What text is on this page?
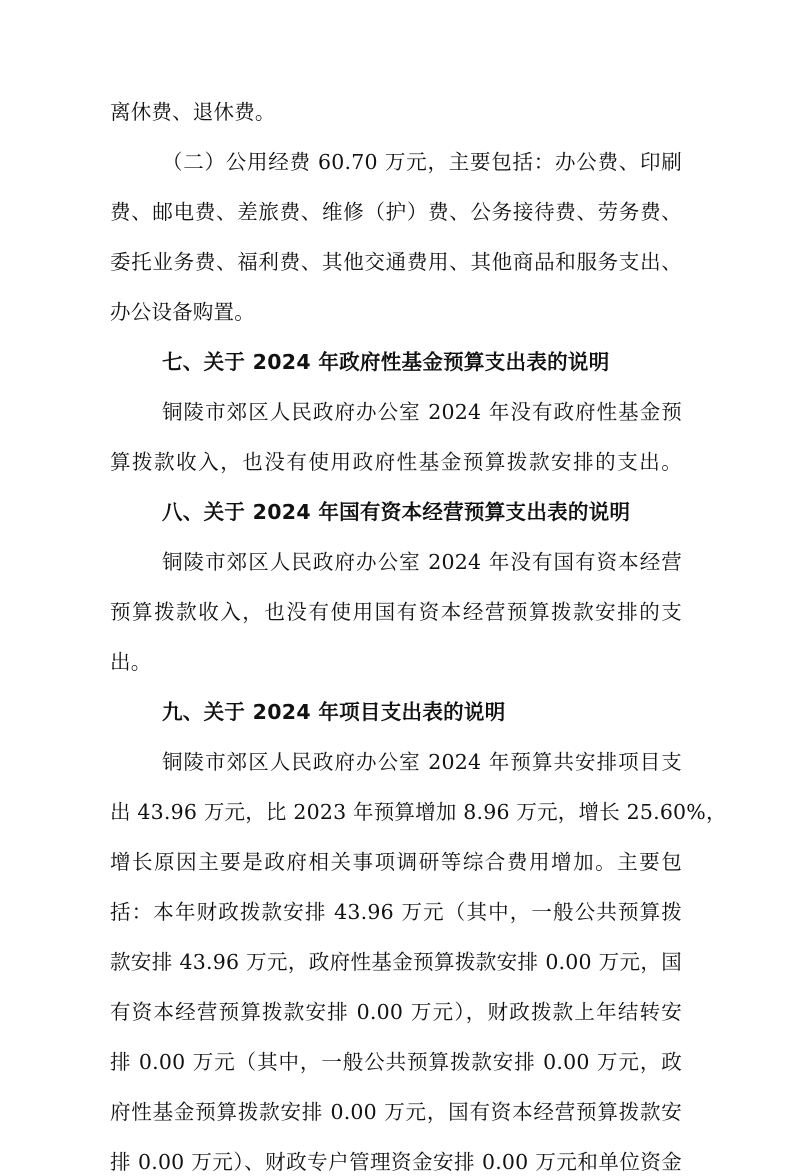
离休费、退休费。
（二）公用经费 60.70 万元，主要包括：办公费、印刷
费、邮电费、差旅费、维修（护）费、公务接待费、劳务费、
委托业务费、福利费、其他交通费用、其他商品和服务支出、
办公设备购置。
七、关于 2024 年政府性基金预算支出表的说明
铜陵市郊区人民政府办公室 2024 年没有政府性基金预
算拨款收入，也没有使用政府性基金预算拨款安排的支出。
八、关于 2024 年国有资本经营预算支出表的说明
铜陵市郊区人民政府办公室 2024 年没有国有资本经营
预算拨款收入，也没有使用国有资本经营预算拨款安排的支
出。
九、关于 2024 年项目支出表的说明
铜陵市郊区人民政府办公室 2024 年预算共安排项目支
出 43.96 万元，比 2023 年预算增加 8.96 万元，增长 25.60%，
增长原因主要是政府相关事项调研等综合费用增加。主要包
括：本年财政拨款安排 43.96 万元（其中，一般公共预算拨
款安排 43.96 万元，政府性基金预算拨款安排 0.00 万元，国
有资本经营预算拨款安排 0.00 万元），财政拨款上年结转安
排 0.00 万元（其中，一般公共预算拨款安排 0.00 万元，政
府性基金预算拨款安排 0.00 万元，国有资本经营预算拨款安
排 0.00 万元）、财政专户管理资金安排 0.00 万元和单位资金
